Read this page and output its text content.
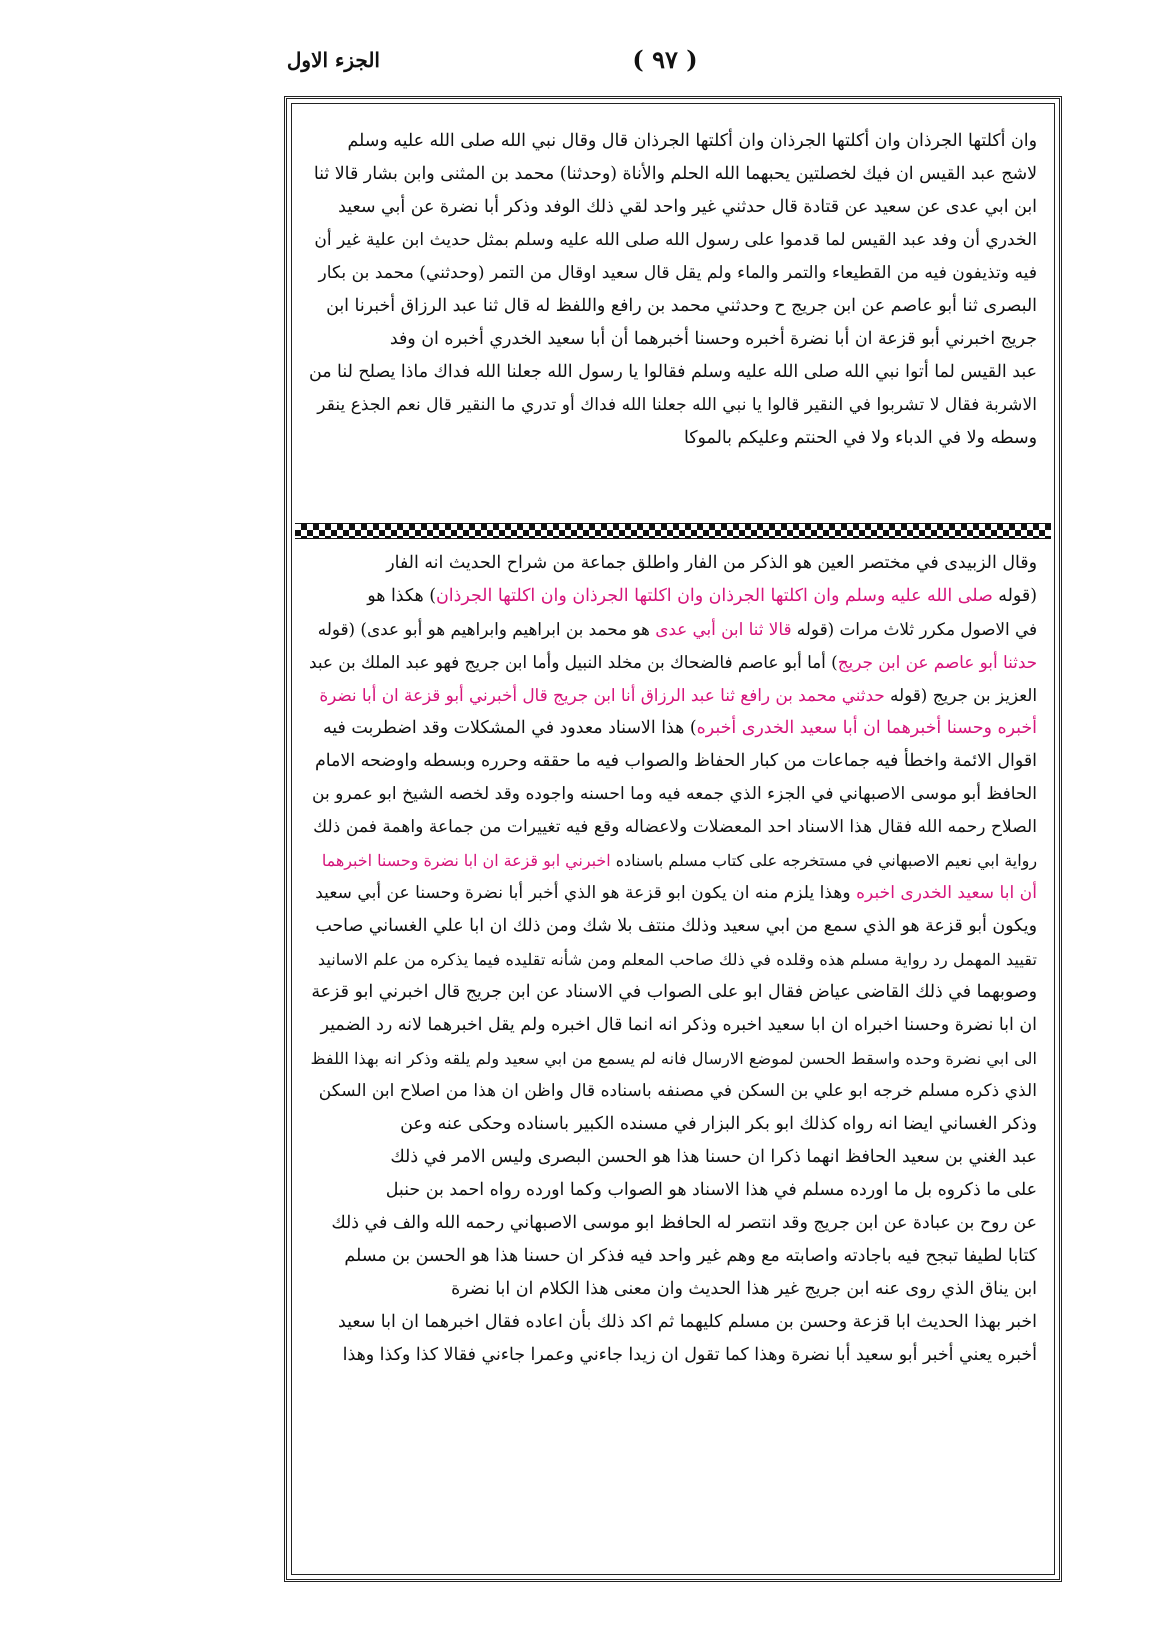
الجزء الاول	( ٩٧ )
وان أكلتها الجرذان وان أكلتها الجرذان وان أكلتها الجرذان قال وقال نبي الله صلى الله عليه وسلم
لاشج عبد القيس ان فيك لخصلتين يحبهما الله الحلم والأناة (وحدثنا) محمد بن المثنى وابن بشار قالا ثنا
ابن ابي عدى عن سعيد عن قتادة قال حدثني غير واحد لقي ذلك الوفد وذكر أبا نضرة عن أبي سعيد
الخدري أن وفد عبد القيس لما قدموا على رسول الله صلى الله عليه وسلم بمثل حديث ابن علية غير أن
فيه وتذيفون فيه من القطيعاء والتمر والماء ولم يقل قال سعيد اوقال من التمر (وحدثني) محمد بن بكار
البصرى ثنا أبو عاصم عن ابن جريج ح وحدثني محمد بن رافع واللفظ له قال ثنا عبد الرزاق أخبرنا ابن
جريج اخبرني أبو قزعة ان أبا نضرة أخبره وحسنا أخبرهما أن أبا سعيد الخدري أخبره ان وفد
عبد القيس لما أتوا نبي الله صلى الله عليه وسلم فقالوا يا رسول الله جعلنا الله فداك ماذا يصلح لنا من
الاشربة فقال لا تشربوا في النقير قالوا يا نبي الله جعلنا الله فداك أو تدري ما النقير قال نعم الجذع ينقر
وسطه ولا في الدباء ولا في الحنتم وعليكم بالموكا
وقال الزبيدى في مختصر العين هو الذكر من الفار واطلق جماعة من شراح الحديث انه الفار
(قوله صلى الله عليه وسلم وان اكلتها الجرذان وان اكلتها الجرذان وان اكلتها الجرذان) هكذا هو
في الاصول مكرر ثلاث مرات (قوله قالا ثنا ابن أبي عدى هو محمد بن ابراهيم وابراهيم هو أبو عدى) (قوله
حدثنا أبو عاصم عن ابن جريج) أما أبو عاصم فالضحاك بن مخلد النبيل وأما ابن جريج فهو عبد الملك بن عبد
العزيز بن جريج (قوله حدثني محمد بن رافع ثنا عبد الرزاق أنا ابن جريج قال أخبرني أبو قزعة ان أبا نضرة
أخبره وحسنا أخبرهما ان أبا سعيد الخدرى أخبره) هذا الاسناد معدود في المشكلات وقد اضطربت فيه
اقوال الائمة واخطأ فيه جماعات من كبار الحفاظ والصواب فيه ما حققه وحرره وبسطه واوضحه الامام
الحافظ أبو موسى الاصبهاني في الجزء الذي جمعه فيه وما احسنه واجوده وقد لخصه الشيخ ابو عمرو بن
الصلاح رحمه الله فقال هذا الاسناد احد المعضلات ولاعضاله وقع فيه تغييرات من جماعة واهمة فمن ذلك
رواية ابي نعيم الاصبهاني في مستخرجه على كتاب مسلم باسناده اخبرني ابو قزعة ان ابا نضرة وحسنا اخبرهما
أن ابا سعيد الخدرى اخبره وهذا يلزم منه ان يكون ابو قزعة هو الذي أخبر أبا نضرة وحسنا عن أبي سعيد
ويكون أبو قزعة هو الذي سمع من ابي سعيد وذلك منتف بلا شك ومن ذلك ان ابا علي الغساني صاحب
تقييد المهمل رد رواية مسلم هذه وقلده في ذلك صاحب المعلم ومن شأنه تقليده فيما يذكره من علم الاسانيد
وصوبهما في ذلك القاضى عياض فقال ابو على الصواب في الاسناد عن ابن جريج قال اخبرني ابو قزعة
ان ابا نضرة وحسنا اخبراه ان ابا سعيد اخبره وذكر انه انما قال اخبره ولم يقل اخبرهما لانه رد الضمير
الى ابي نضرة وحده واسقط الحسن لموضع الارسال فانه لم يسمع من ابي سعيد ولم يلقه وذكر انه بهذا اللفظ
الذي ذكره مسلم خرجه ابو علي بن السكن في مصنفه باسناده قال واظن ان هذا من اصلاح ابن السكن
وذكر الغساني ايضا انه رواه كذلك ابو بكر البزار في مسنده الكبير باسناده وحكى عنه وعن
عبد الغني بن سعيد الحافظ انهما ذكرا ان حسنا هذا هو الحسن البصرى وليس الامر في ذلك
على ما ذكروه بل ما اورده مسلم في هذا الاسناد هو الصواب وكما اورده رواه احمد بن حنبل
عن روح بن عبادة عن ابن جريج وقد انتصر له الحافظ ابو موسى الاصبهاني رحمه الله والف في ذلك
كتابا لطيفا تبجح فيه باجادته واصابته مع وهم غير واحد فيه فذكر ان حسنا هذا هو الحسن بن مسلم
ابن يناق الذي روى عنه ابن جريج غير هذا الحديث وان معنى هذا الكلام ان ابا نضرة
اخبر بهذا الحديث ابا قزعة وحسن بن مسلم كليهما ثم اكد ذلك بأن اعاده فقال اخبرهما ان ابا سعيد
أخبره يعني أخبر أبو سعيد أبا نضرة وهذا كما تقول ان زيدا جاءني وعمرا جاءني فقالا كذا وكذا وهذا
